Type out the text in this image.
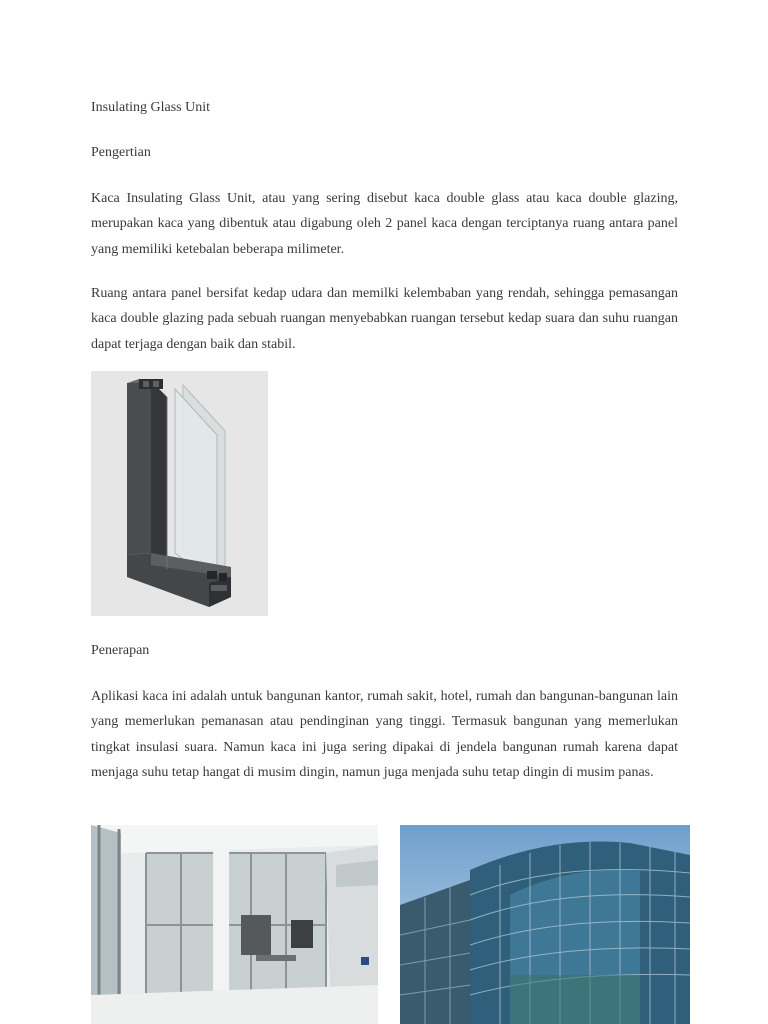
Insulating Glass Unit
Pengertian

Kaca Insulating Glass Unit, atau yang sering disebut kaca double glass atau kaca double glazing, merupakan kaca yang dibentuk atau digabung oleh 2 panel kaca dengan terciptanya ruang antara panel yang memiliki ketebalan beberapa milimeter.

Ruang antara panel bersifat kedap udara dan memilki kelembaban yang rendah, sehingga pemasangan kaca double glazing pada sebuah ruangan menyebabkan ruangan tersebut kedap suara dan suhu ruangan dapat terjaga dengan baik dan stabil.

Penerapan

Aplikasi kaca ini adalah untuk bangunan kantor, rumah sakit, hotel, rumah dan bangunan-bangunan lain yang memerlukan pemanasan atau pendinginan yang tinggi. Termasuk bangunan yang memerlukan tingkat insulasi suara. Namun kaca ini juga sering dipakai di jendela bangunan rumah karena dapat menjaga suhu tetap hangat di musim dingin, namun juga menjada suhu tetap dingin di musim panas.
